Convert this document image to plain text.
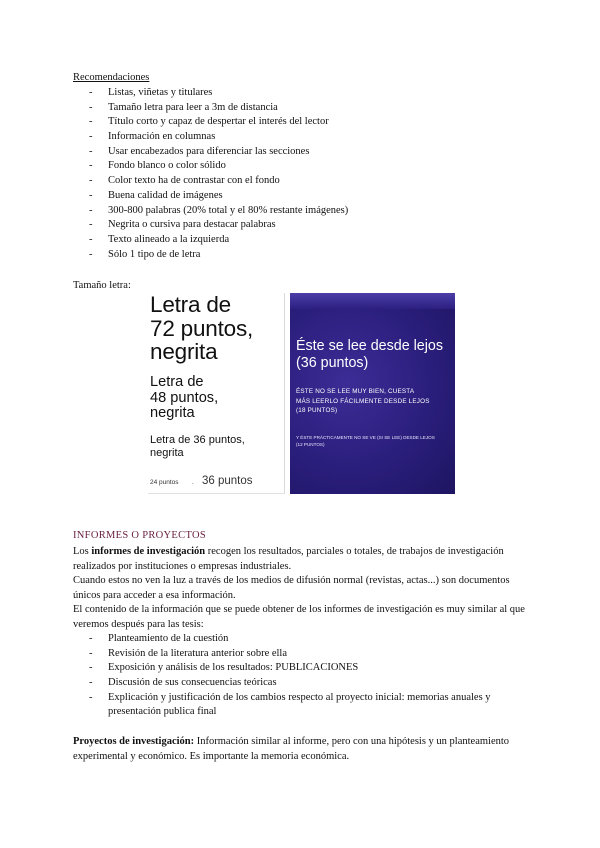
Recomendaciones
- Listas, viñetas y titulares
- Tamaño letra para leer a 3m de distancia
- Título corto y capaz de despertar el interés del lector
- Información en columnas
- Usar encabezados para diferenciar las secciones
- Fondo blanco o color sólido
- Color texto ha de contrastar con el fondo
- Buena calidad de imágenes
- 300-800 palabras (20% total y el 80% restante imágenes)
- Negrita o cursiva para destacar palabras
- Texto alineado a la izquierda
- Sólo 1 tipo de de letra
Tamaño letra:
Letra de
72 puntos,
negrita
Letra de
48 puntos,
negrita
Letra de 36 puntos,
negrita
24 puntos . 36 puntos
Éste se lee desde lejos
(36 puntos)
ÉSTE NO SE LEE MUY BIEN, CUESTA
MÁS LEERLO FÁCILMENTE DESDE LEJOS
(18 PUNTOS)
Y ÉSTE PRÁCTICAMENTE NO SE VE (SI SE LEE) DESDE LEJOS
(12 PUNTOS)
INFORMES O PROYECTOS
Los informes de investigación recogen los resultados, parciales o totales, de trabajos de investigación realizados por instituciones o empresas industriales.
Cuando estos no ven la luz a través de los medios de difusión normal (revistas, actas...) son documentos únicos para acceder a esa información.
El contenido de la información que se puede obtener de los informes de investigación es muy similar al que veremos después para las tesis:
- Planteamiento de la cuestión
- Revisión de la literatura anterior sobre ella
- Exposición y análisis de los resultados: PUBLICACIONES
- Discusión de sus consecuencias teóricas
- Explicación y justificación de los cambios respecto al proyecto inicial: memorias anuales y presentación publica final
Proyectos de investigación: Información similar al informe, pero con una hipótesis y un planteamiento experimental y económico. Es importante la memoria económica.
